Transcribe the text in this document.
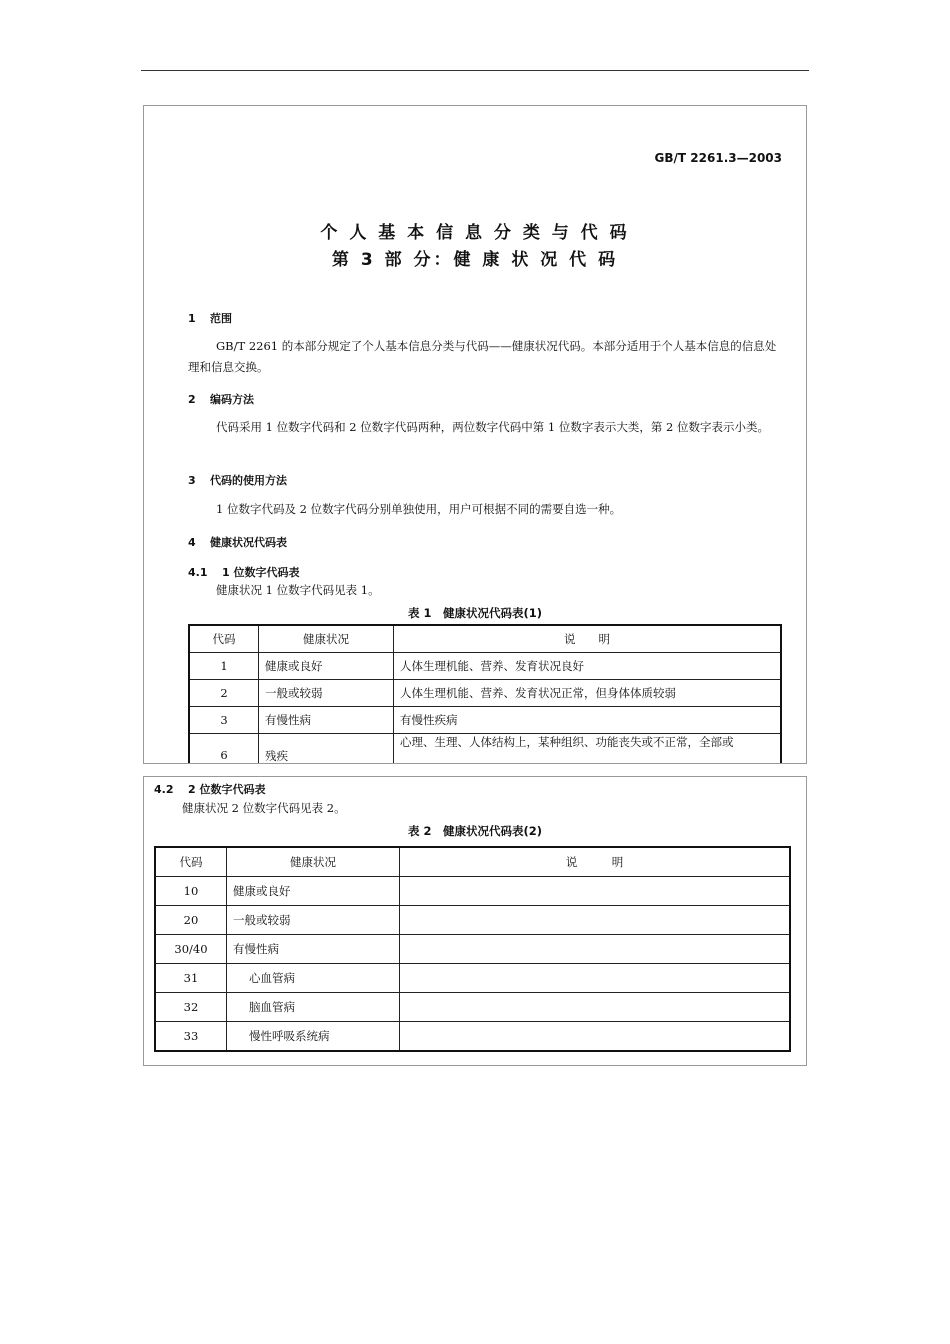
GB/T 2261.3—2003
个 人 基 本 信 息 分 类 与 代 码
第 3 部 分：健 康 状 况 代 码
1 范围
GB/T 2261 的本部分规定了个人基本信息分类与代码——健康状况代码。本部分适用于个人基本信息的信息处理和信息交换。
2 编码方法
代码采用 1 位数字代码和 2 位数字代码两种，两位数字代码中第 1 位数字表示大类，第 2 位数字表示小类。
3 代码的使用方法
1 位数字代码及 2 位数字代码分别单独使用，用户可根据不同的需要自选一种。
4 健康状况代码表
4.1 1 位数字代码表
健康状况 1 位数字代码见表 1。
表 1　健康状况代码表(1)
代码	健康状况	说　　明
1	健康或良好	人体生理机能、营养、发育状况良好
2	一般或较弱	人体生理机能、营养、发育状况正常，但身体体质较弱
3	有慢性病	有慢性疾病
6	残疾	心理、生理、人体结构上，某种组织、功能丧失或不正常，全部或
4.2 2 位数字代码表
健康状况 2 位数字代码见表 2。
表 2　健康状况代码表(2)
代码	健康状况	说　　　明
10	健康或良好	
20	一般或较弱	
30/40	有慢性病	
31	心血管病	
32	脑血管病	
33	慢性呼吸系统病	
